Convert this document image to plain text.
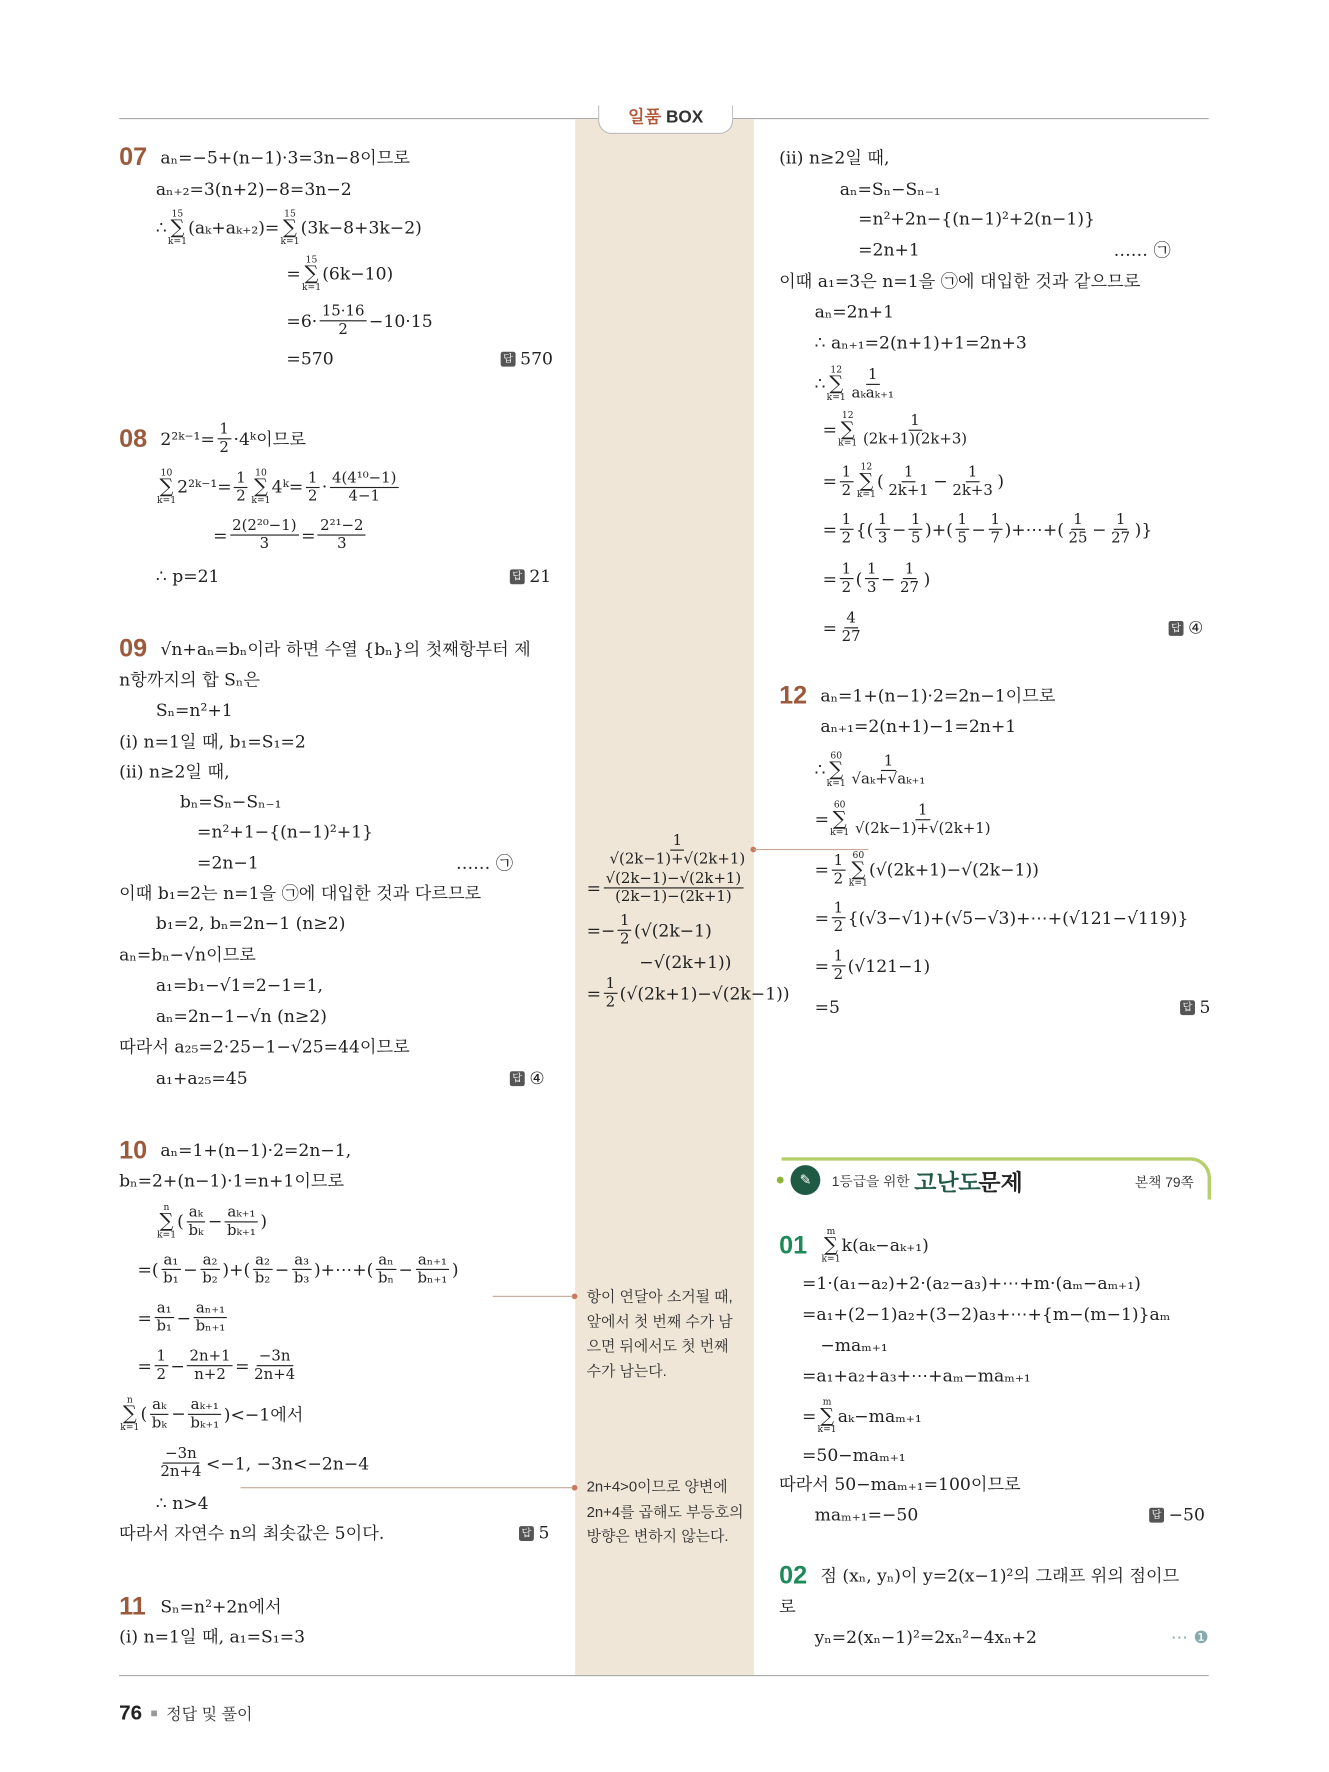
일품 BOX
07
08
09
10
11
aₙ=−5+(n−1)·3=3n−8이므로
aₙ₊₂=3(n+2)−8=3n−2
∴
15
∑
k=1
(aₖ+aₖ₊₂)=
15
∑
k=1
(3k−8+3k−2)
=
15
∑
k=1
(6k−10)
$=6\cdot \frac{15\cdot 16}{2} -10\cdot 15$
=570
2²ᵏ⁻¹= $\frac{1}{2}$ ·4ᵏ이므로
10
∑
k=1
2²ᵏ⁻¹= $\frac{1}{2} 10$
∑
k=1
4ᵏ= $\frac{1}{2} \cdot \frac{\text{4(4¹⁰−1)}}{4-1}$
= $\frac{\text{2(2²⁰−1)}}{3} = \frac{\text{2²¹−2}}{3}$
∴ p=21
√n+aₙ=bₙ이라 하면 수열 {bₙ}의 첫째항부터 제
n항까지의 합 Sₙ은
Sₙ=n²+1
(ⅰ) n=1일 때, b₁=S₁=2
(ⅱ) n≥2일 때,
bₙ=Sₙ−Sₙ₋₁
=n²+1−{(n−1)²+1}
=2n−1	…… ㉠
이때 b₁=2는 n=1을 ㉠에 대입한 것과 다르므로
b₁=2, bₙ=2n−1 (n≥2)
aₙ=bₙ−√n이므로
a₁=b₁−√1=2−1=1,
aₙ=2n−1−√n (n≥2)
따라서 a₂₅=2·25−1−√25=44이므로
a₁+a₂₅=45
aₙ=1+(n−1)·2=2n−1,
bₙ=2+(n−1)·1=n+1이므로
n
∑
k=1
( $\frac{\text{aₖ}}{\text{bₖ}} - \frac{\text{aₖ₊₁}}{\text{bₖ₊₁}}$ )
=( $\frac{\text{a₁}}{\text{b₁}} - \frac{\text{a₂}}{\text{b₂}}$ )+( $\frac{\text{a₂}}{\text{b₂}} - \frac{\text{a₃}}{\text{b₃}}$ )+⋯+( $\frac{\text{aₙ}}{\text{bₙ}} - \frac{\text{aₙ₊₁}}{\text{bₙ₊₁}}$ )
= $\frac{\text{a₁}}{\text{b₁}} - \frac{\text{aₙ₊₁}}{\text{bₙ₊₁}}$
= $\frac{1}{2} - \frac{2n+1}{n+2} = \frac{-3n}{2n+4}$
n
∑
k=1
( $\frac{\text{aₖ}}{\text{bₖ}} - \frac{\text{aₖ₊₁}}{\text{bₖ₊₁}} )<-1$에서
$\frac{-3n}{2n+4} <-1$, −3n<−2n−4
∴ n>4
따라서 자연수 n의 최솟값은 5이다.
Sₙ=n²+2n에서
(ⅰ) n=1일 때, a₁=S₁=3
답 570
답 21
답 ④
답 5
$\frac{1}{√(2k-1)+√(2k+1)}$
= $\frac{√(2k-1)-√(2k+1)}{(2k-1)-(2k+1)}$
=− $\frac{1}{2} (√(2k-1)$
−√(2k+1))
= $\frac{1}{2} (√(2k+1)-√(2k-1))$
항이 연달아 소거될 때, 앞에서 첫 번째 수가 남으면 뒤에서도 첫 번째 수가 남는다.
2n+4>0이므로 양변에 2n+4를 곱해도 부등호의 방향은 변하지 않는다.
12
01
02
(ⅱ) n≥2일 때,
aₙ=Sₙ−Sₙ₋₁
=n²+2n−{(n−1)²+2(n−1)}
=2n+1	…… ㉠
이때 a₁=3은 n=1을 ㉠에 대입한 것과 같으므로
aₙ=2n+1
∴ aₙ₊₁=2(n+1)+1=2n+3
∴
12
∑
k=1
1
aₖaₖ₊₁
=
12
∑
$k=1 \frac{1}{(2k+1)(2k+3)}$
= $\frac{1}{2} 12$
∑
k=1
( $\frac{1}{2k+1} - \frac{1}{2k+3}$ )
= $\frac{1}{2}$ {( $\frac{1}{3} - \frac{1}{5}$ )+( $\frac{1}{5} - \frac{1}{7}$ )+⋯+( $\frac{1}{25} - \frac{1}{27}$ )}
= $\frac{1}{2}$ ( $\frac{1}{3} - \frac{1}{27}$ )
= $\frac{4}{27}$
aₙ=1+(n−1)·2=2n−1이므로
aₙ₊₁=2(n+1)−1=2n+1
∴
60
∑
$k=1 \frac{1}{\text{√aₖ+√aₖ₊₁}}$
=
60
∑
$k=1 \frac{1}{√(2k-1)+√(2k+1)}$
= $\frac{1}{2} 60$
∑
k=1
(√(2k+1)−√(2k−1))
= $\frac{1}{2}$ {(√3−√1)+(√5−√3)+⋯+(√121−√119)}
= $\frac{1}{2} (√121-1)$
=5
m
∑
k=1
k(aₖ−aₖ₊₁)
=1·(a₁−a₂)+2·(a₂−a₃)+⋯+m·(aₘ−aₘ₊₁)
=a₁+(2−1)a₂+(3−2)a₃+⋯+{m−(m−1)}aₘ
−maₘ₊₁
=a₁+a₂+a₃+⋯+aₘ−maₘ₊₁
=
m
∑
k=1
aₖ−maₘ₊₁
=50−maₘ₊₁
따라서 50−maₘ₊₁=100이므로
maₘ₊₁=−50
점 (xₙ, yₙ)이 y=2(x−1)²의 그래프 위의 점이므
로
yₙ=2(xₙ−1)²=2xₙ²−4xₙ+2	⋯ ❶
답 ④
답 5
답 −50
✎	1등급을 위한 고난도
문제	본책 79쪽
76 정답 및 풀이
